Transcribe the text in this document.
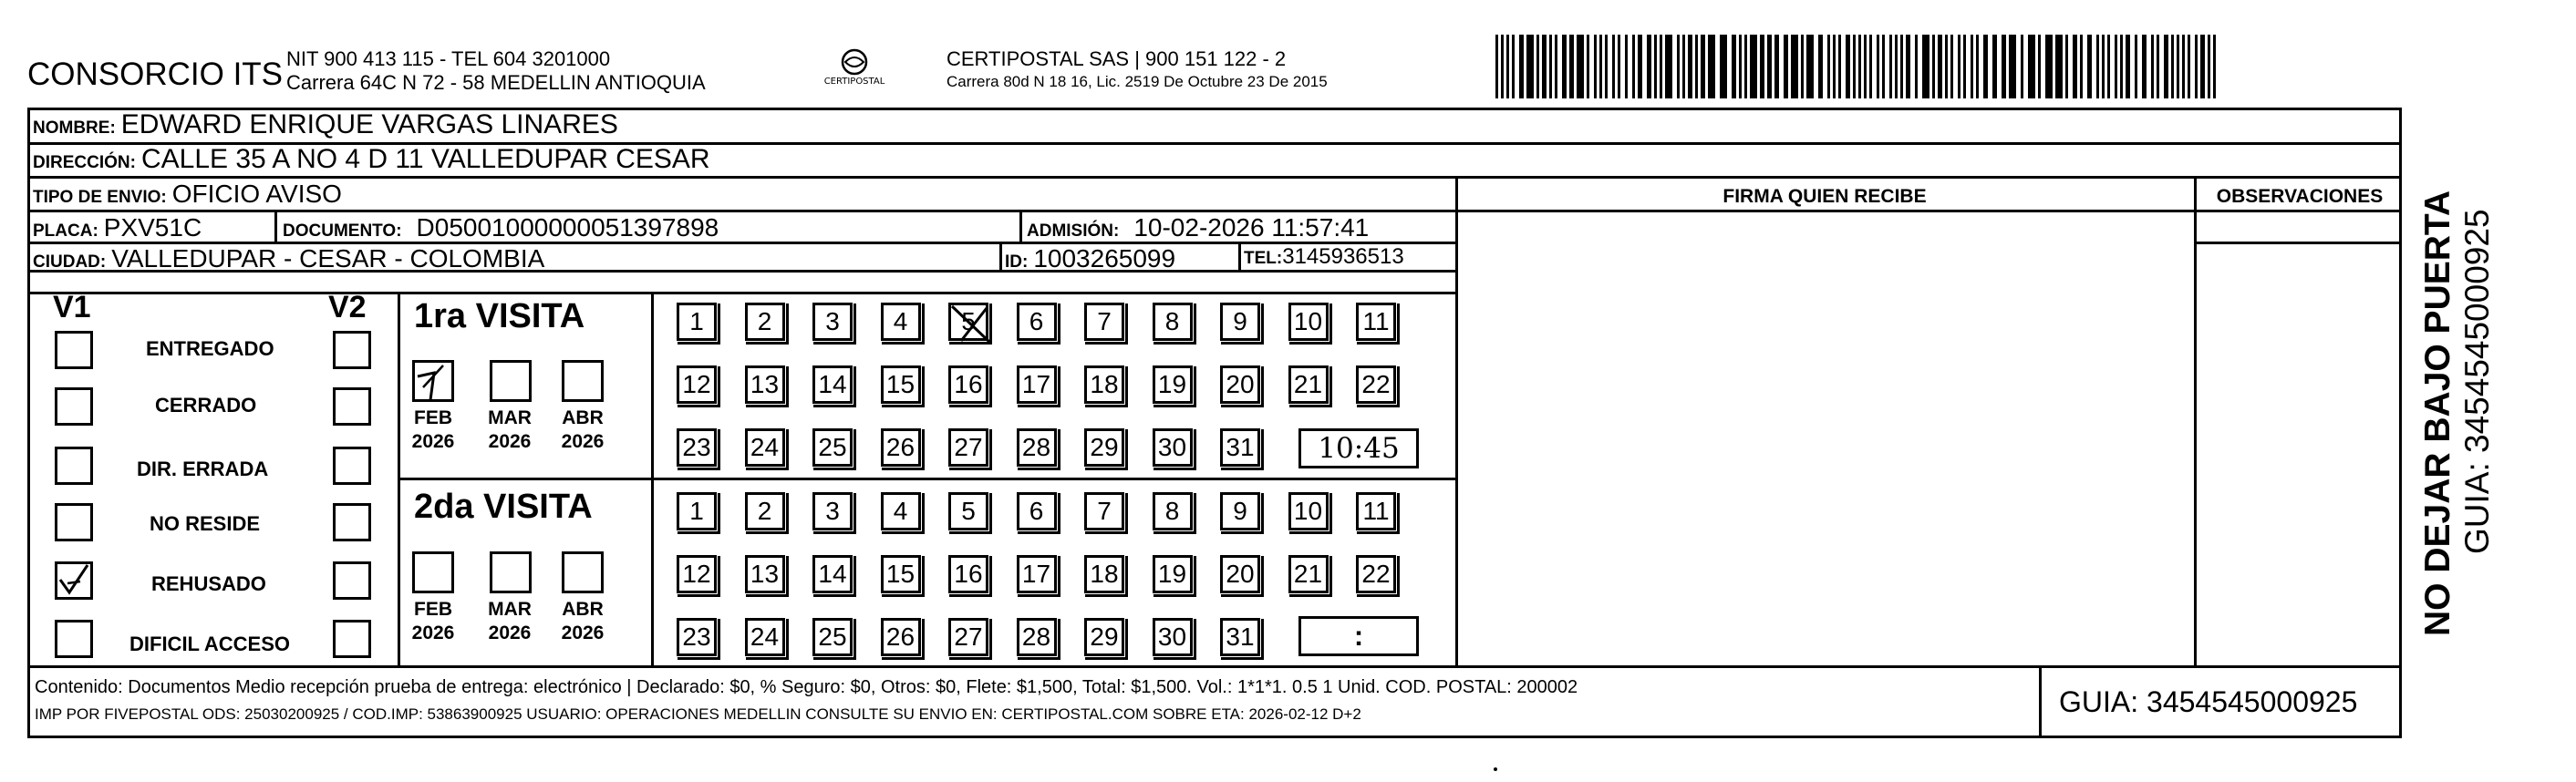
CONSORCIO ITS NIT 900 413 115 - TEL 604 3201000
Carrera 64C N 72 - 58 MEDELLIN ANTIOQUIA	CERTIPOSTAL
CERTIPOSTAL SAS | 900 151 122 - 2
Carrera 80d N 18 16, Lic. 2519 De Octubre 23 De 2015
NOMBRE: EDWARD ENRIQUE VARGAS LINARES
DIRECCIÓN: CALLE 35 A NO 4 D 11 VALLEDUPAR CESAR
TIPO DE ENVIO: OFICIO AVISO	FIRMA QUIEN RECIBE	OBSERVACIONES
PLACA: PXV51C	DOCUMENTO: D05001000000051397898	ADMISIÓN: 10-02-2026 11:57:41
CIUDAD: VALLEDUPAR - CESAR - COLOMBIA	ID: 1003265099	TEL:3145936513
V1	V2
ENTREGADO
CERRADO
DIR. ERRADA
NO RESIDE
REHUSADO
DIFICIL ACCESO
1ra VISITA
FEB
2026
MAR
2026
ABR
2026
1 2 3 4 5 6 7 8 9 10 11
12 13 14 15 16 17 18 19 20 21 22
23 24 25 26 27 28 29 30 31 10:45
2da VISITA
FEB
2026
MAR
2026
ABR
2026
1 2 3 4 5 6 7 8 9 10 11
12 13 14 15 16 17 18 19 20 21 22
23 24 25 26 27 28 29 30 31	:
Contenido: Documentos Medio recepción prueba de entrega: electrónico | Declarado: $0, % Seguro: $0, Otros: $0, Flete: $1,500, Total: $1,500. Vol.: 1*1*1. 0.5 1 Unid. COD. POSTAL: 200002
IMP POR FIVEPOSTAL ODS: 25030200925 / COD.IMP: 53863900925 USUARIO: OPERACIONES MEDELLIN CONSULTE SU ENVIO EN: CERTIPOSTAL.COM SOBRE ETA: 2026-02-12 D+2	GUIA: 3454545000925
NO DEJAR BAJO PUERTA GUIA: 3454545000925
